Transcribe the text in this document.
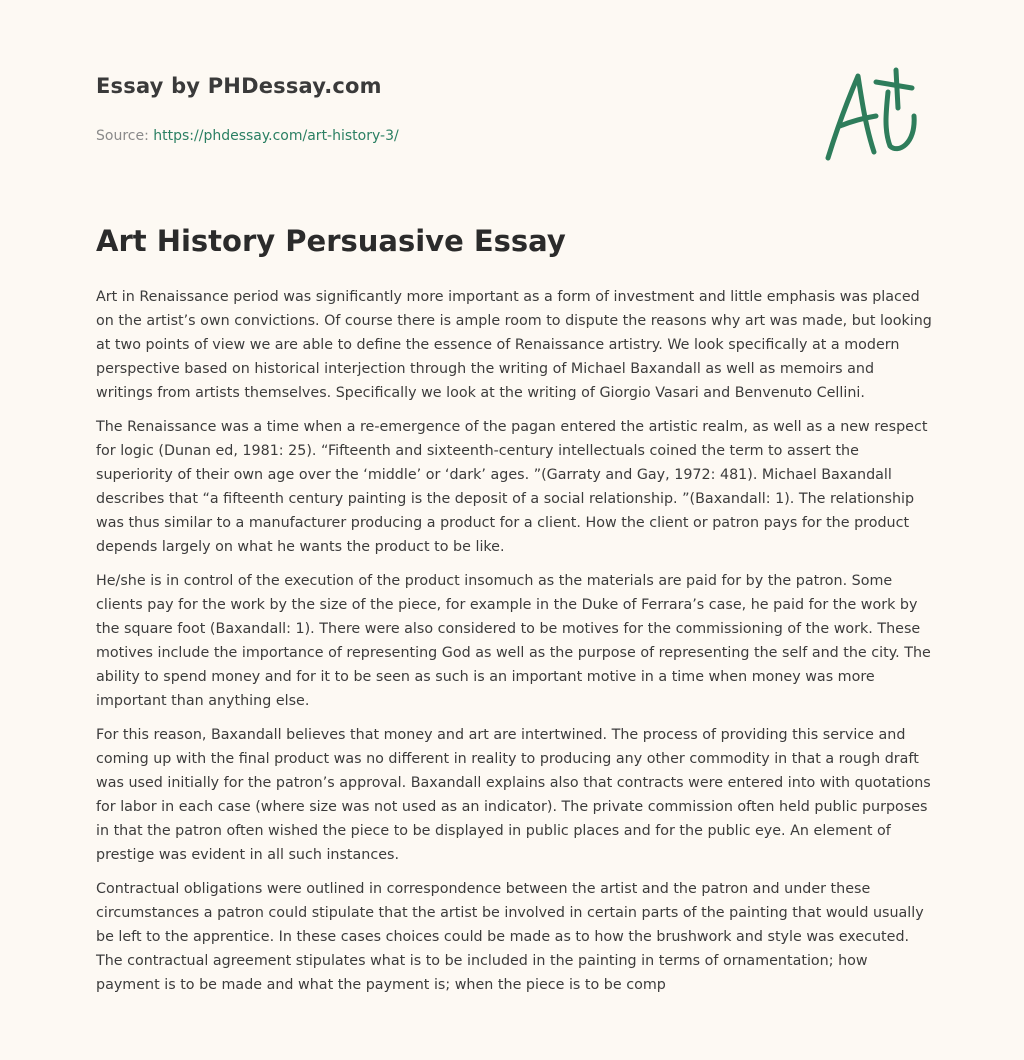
Essay by PHDessay.com
Source: https://phdessay.com/art-history-3/
Art History Persuasive Essay

Art in Renaissance period was significantly more important as a form of investment and little emphasis was placed on the artist’s own convictions. Of course there is ample room to dispute the reasons why art was made, but looking at two points of view we are able to define the essence of Renaissance artistry. We look specifically at a modern perspective based on historical interjection through the writing of Michael Baxandall as well as memoirs and writings from artists themselves. Specifically we look at the writing of Giorgio Vasari and Benvenuto Cellini.

The Renaissance was a time when a re-emergence of the pagan entered the artistic realm, as well as a new respect for logic (Dunan ed, 1981: 25). “Fifteenth and sixteenth-century intellectuals coined the term to assert the superiority of their own age over the ‘middle’ or ‘dark’ ages. ”(Garraty and Gay, 1972: 481). Michael Baxandall describes that “a fifteenth century painting is the deposit of a social relationship. ”(Baxandall: 1). The relationship was thus similar to a manufacturer producing a product for a client. How the client or patron pays for the product depends largely on what he wants the product to be like.

He/she is in control of the execution of the product insomuch as the materials are paid for by the patron. Some clients pay for the work by the size of the piece, for example in the Duke of Ferrara’s case, he paid for the work by the square foot (Baxandall: 1). There were also considered to be motives for the commissioning of the work. These motives include the importance of representing God as well as the purpose of representing the self and the city. The ability to spend money and for it to be seen as such is an important motive in a time when money was more important than anything else.

For this reason, Baxandall believes that money and art are intertwined. The process of providing this service and coming up with the final product was no different in reality to producing any other commodity in that a rough draft was used initially for the patron’s approval. Baxandall explains also that contracts were entered into with quotations for labor in each case (where size was not used as an indicator). The private commission often held public purposes in that the patron often wished the piece to be displayed in public places and for the public eye. An element of prestige was evident in all such instances.

Contractual obligations were outlined in correspondence between the artist and the patron and under these circumstances a patron could stipulate that the artist be involved in certain parts of the painting that would usually be left to the apprentice. In these cases choices could be made as to how the brushwork and style was executed. The contractual agreement stipulates what is to be included in the painting in terms of ornamentation; how payment is to be made and what the payment is; when the piece is to be comp
